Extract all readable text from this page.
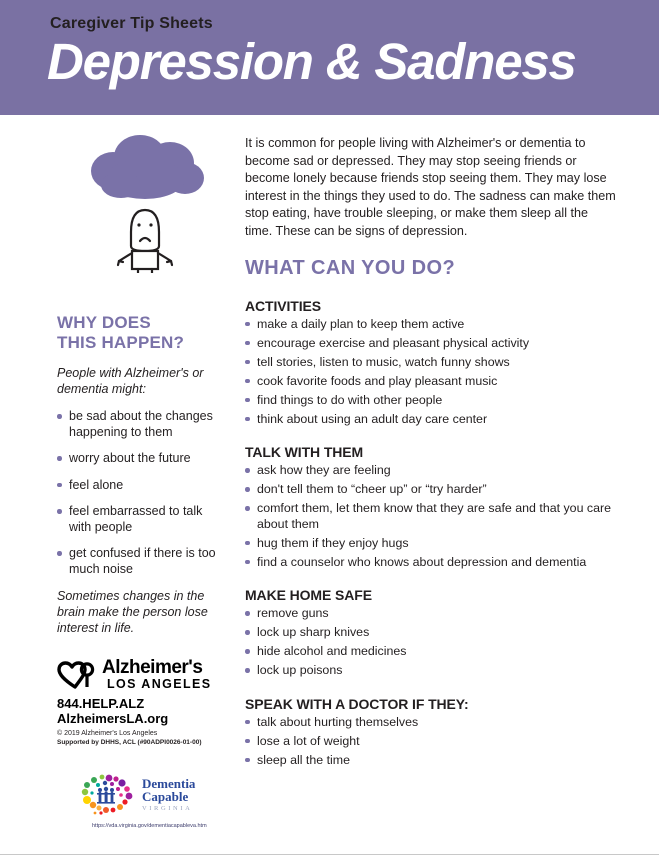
Caregiver Tip Sheets
Depression & Sadness
WHY DOES
THIS HAPPEN?
People with Alzheimer's or dementia might:
be sad about the changes happening to them
worry about the future
feel alone
feel embarrassed to talk with people
get confused if there is too much noise
Sometimes changes in the brain make the person lose interest in life.
Alzheimer's
LOS ANGELES
844.HELP.ALZ
AlzheimersLA.org
© 2019 Alzheimer's Los Angeles
Supported by DHHS, ACL (#90ADPI0026-01-00)
Dementia
Capable
VIRGINIA
https://vda.virginia.gov/dementiacapableva.htm

It is common for people living with Alzheimer's or dementia to become sad or depressed. They may stop seeing friends or become lonely because friends stop seeing them. They may lose interest in the things they used to do. The sadness can make them stop eating, have trouble sleeping, or make them sleep all the time. These can be signs of depression.

WHAT CAN YOU DO?
ACTIVITIES
make a daily plan to keep them active
encourage exercise and pleasant physical activity
tell stories, listen to music, watch funny shows
cook favorite foods and play pleasant music
find things to do with other people
think about using an adult day care center
TALK WITH THEM
ask how they are feeling
don't tell them to “cheer up” or “try harder”
comfort them, let them know that they are safe and that you care about them
hug them if they enjoy hugs
find a counselor who knows about depression and dementia
MAKE HOME SAFE
remove guns
lock up sharp knives
hide alcohol and medicines
lock up poisons
SPEAK WITH A DOCTOR IF THEY:
talk about hurting themselves
lose a lot of weight
sleep all the time
